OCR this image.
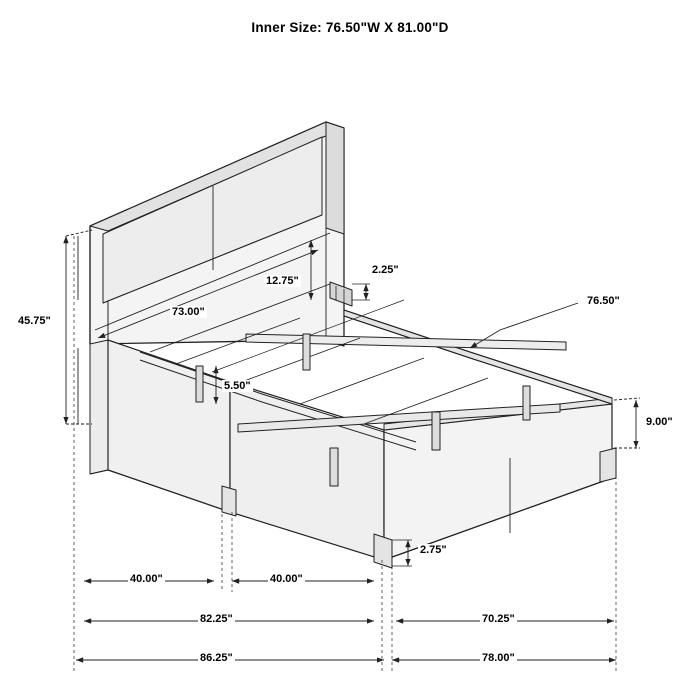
Inner Size: 76.50"W X 81.00"D
45.75"
73.00"
12.75"
2.25"
76.50"
5.50"
9.00"
2.75"
40.00"	40.00"
82.25"	70.25"
86.25"	78.00"
